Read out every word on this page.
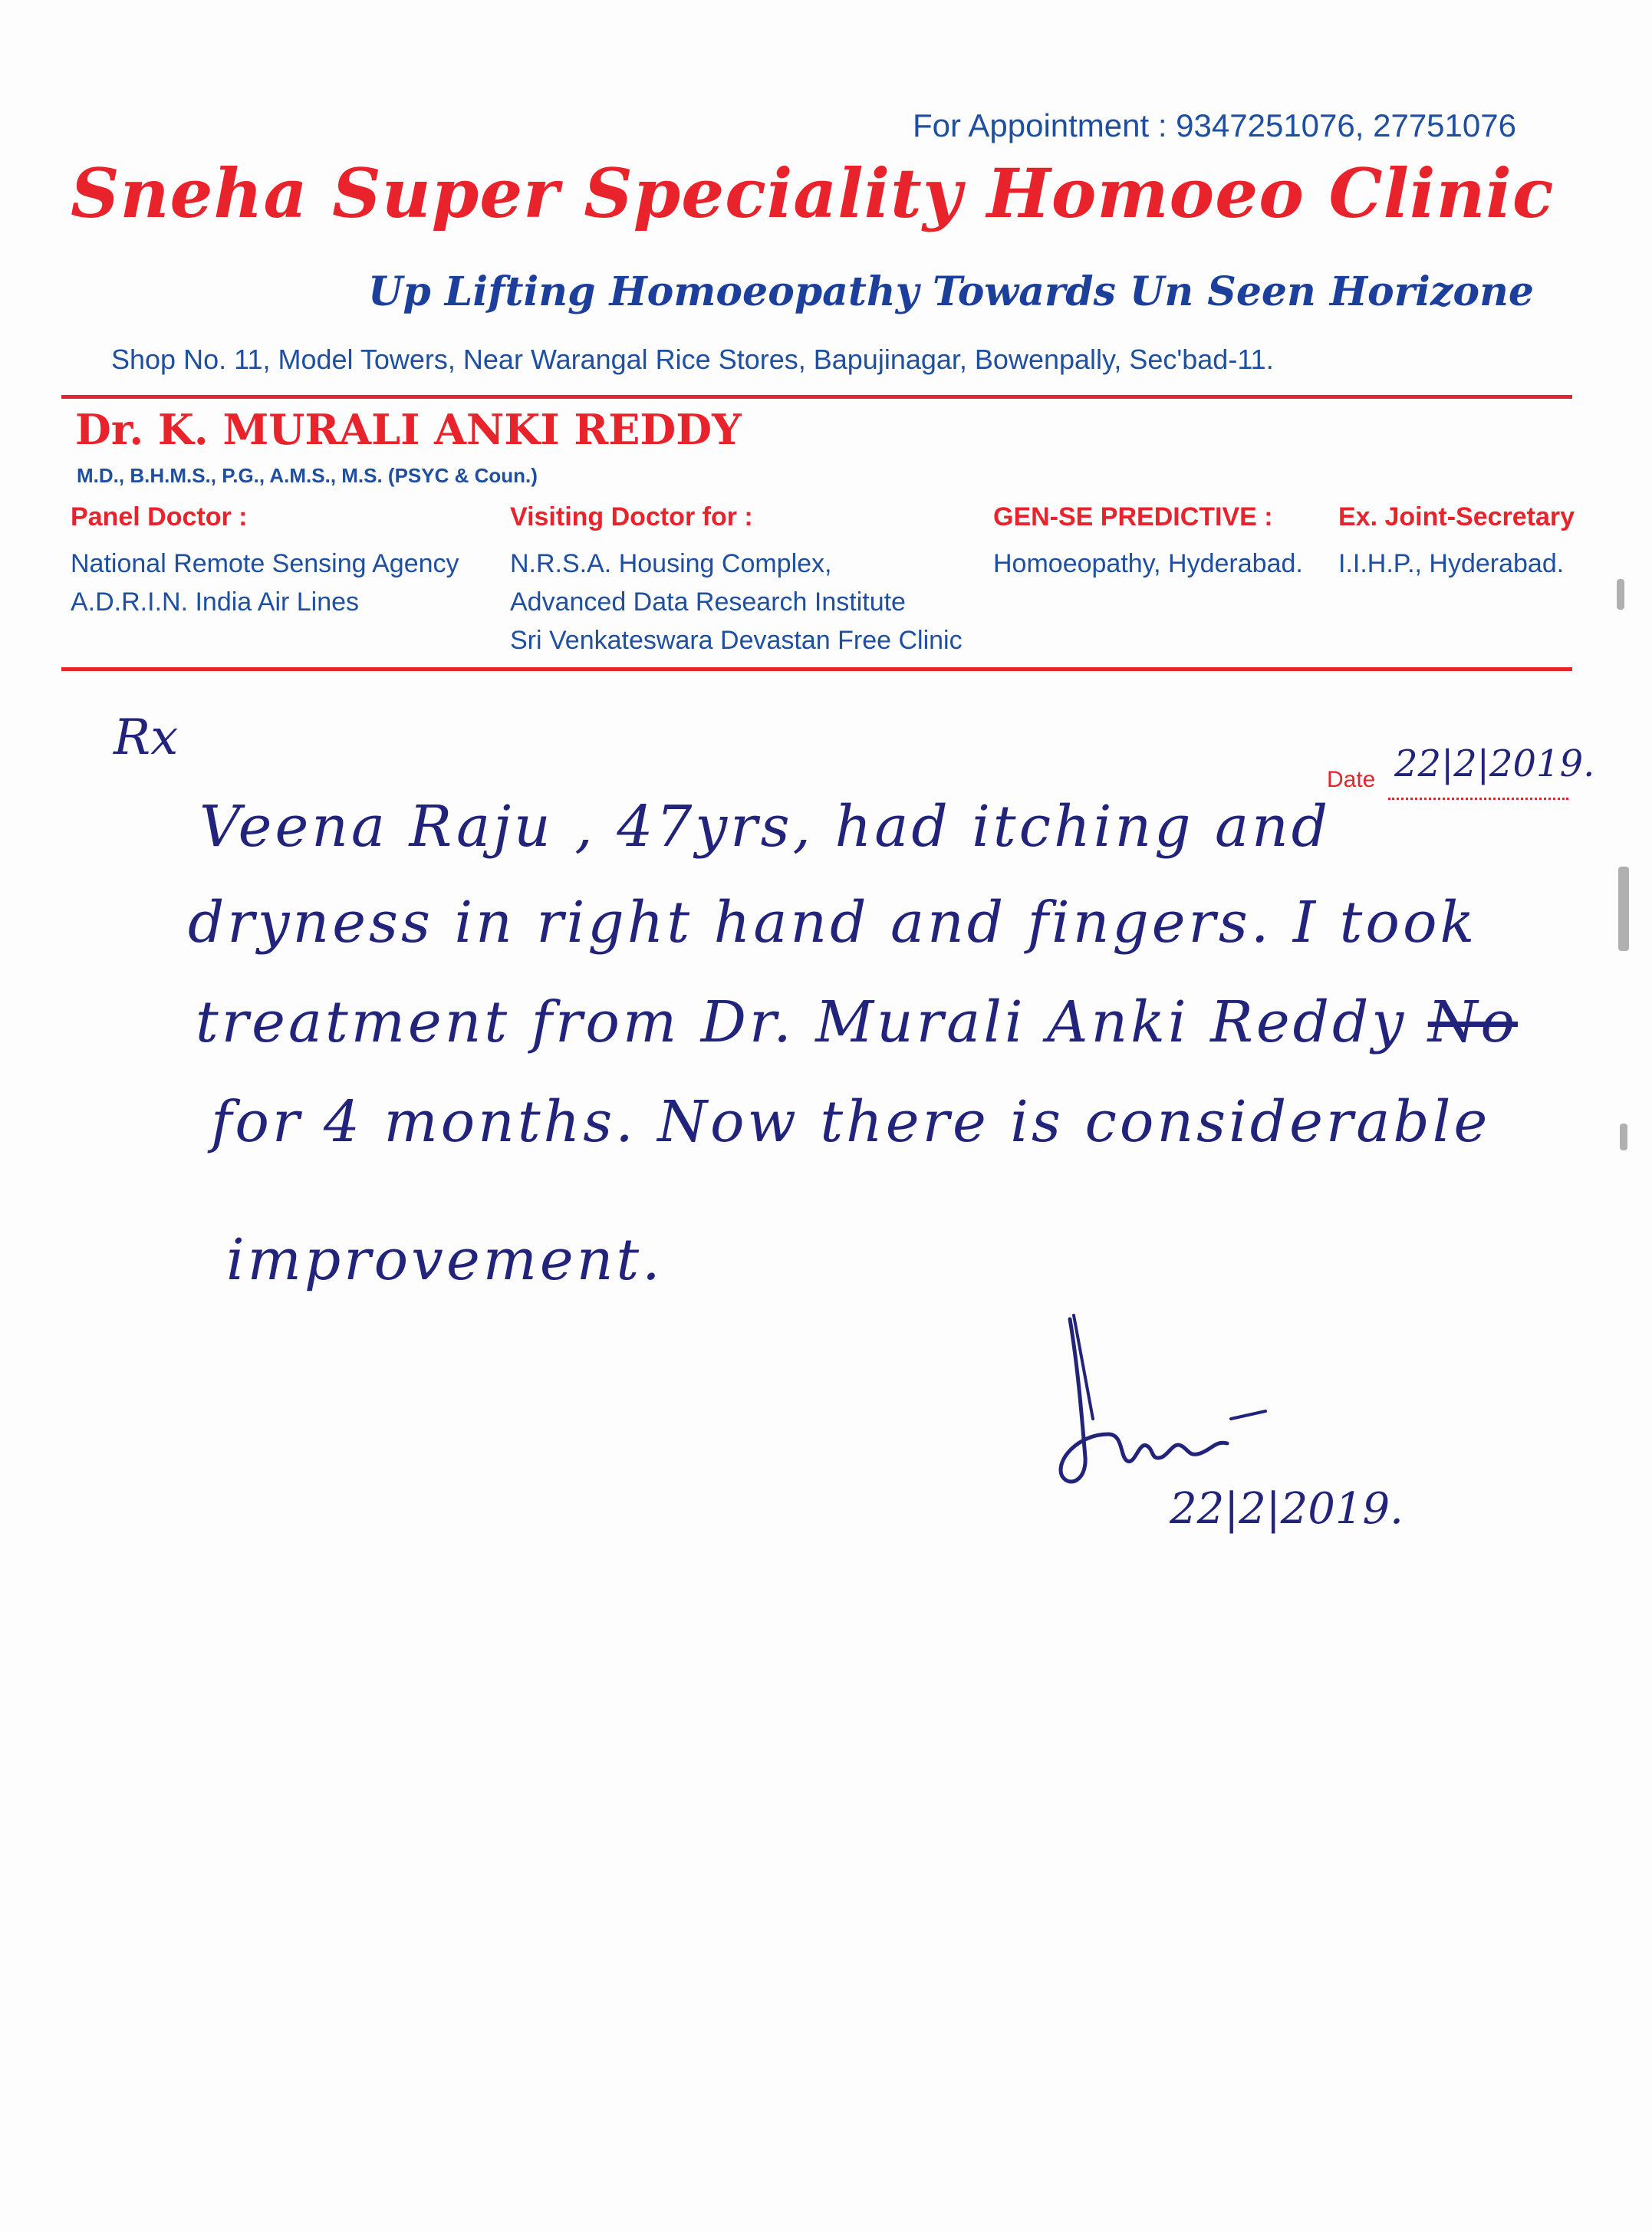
For Appointment : 9347251076, 27751076
Sneha Super Speciality Homoeo Clinic
Up Lifting Homoeopathy Towards Un Seen Horizone
Shop No. 11, Model Towers, Near Warangal Rice Stores, Bapujinagar, Bowenpally, Sec'bad-11.
Dr. K. MURALI ANKI REDDY
M.D., B.H.M.S., P.G., A.M.S., M.S. (PSYC & Coun.)
Panel Doctor :
National Remote Sensing Agency
A.D.R.I.N. India Air Lines
Visiting Doctor for :
N.R.S.A. Housing Complex,
Advanced Data Research Institute
Sri Venkateswara Devastan Free Clinic
GEN-SE PREDICTIVE :
Homoeopathy, Hyderabad.
Ex. Joint-Secretary
I.I.H.P., Hyderabad.
Rx
Date 22|2|2019.
Veena Raju , 47yrs, had itching and
dryness in right hand and fingers. I took
treatment from Dr. Murali Anki Reddy No
for 4 months. Now there is considerable
improvement.
22|2|2019.
